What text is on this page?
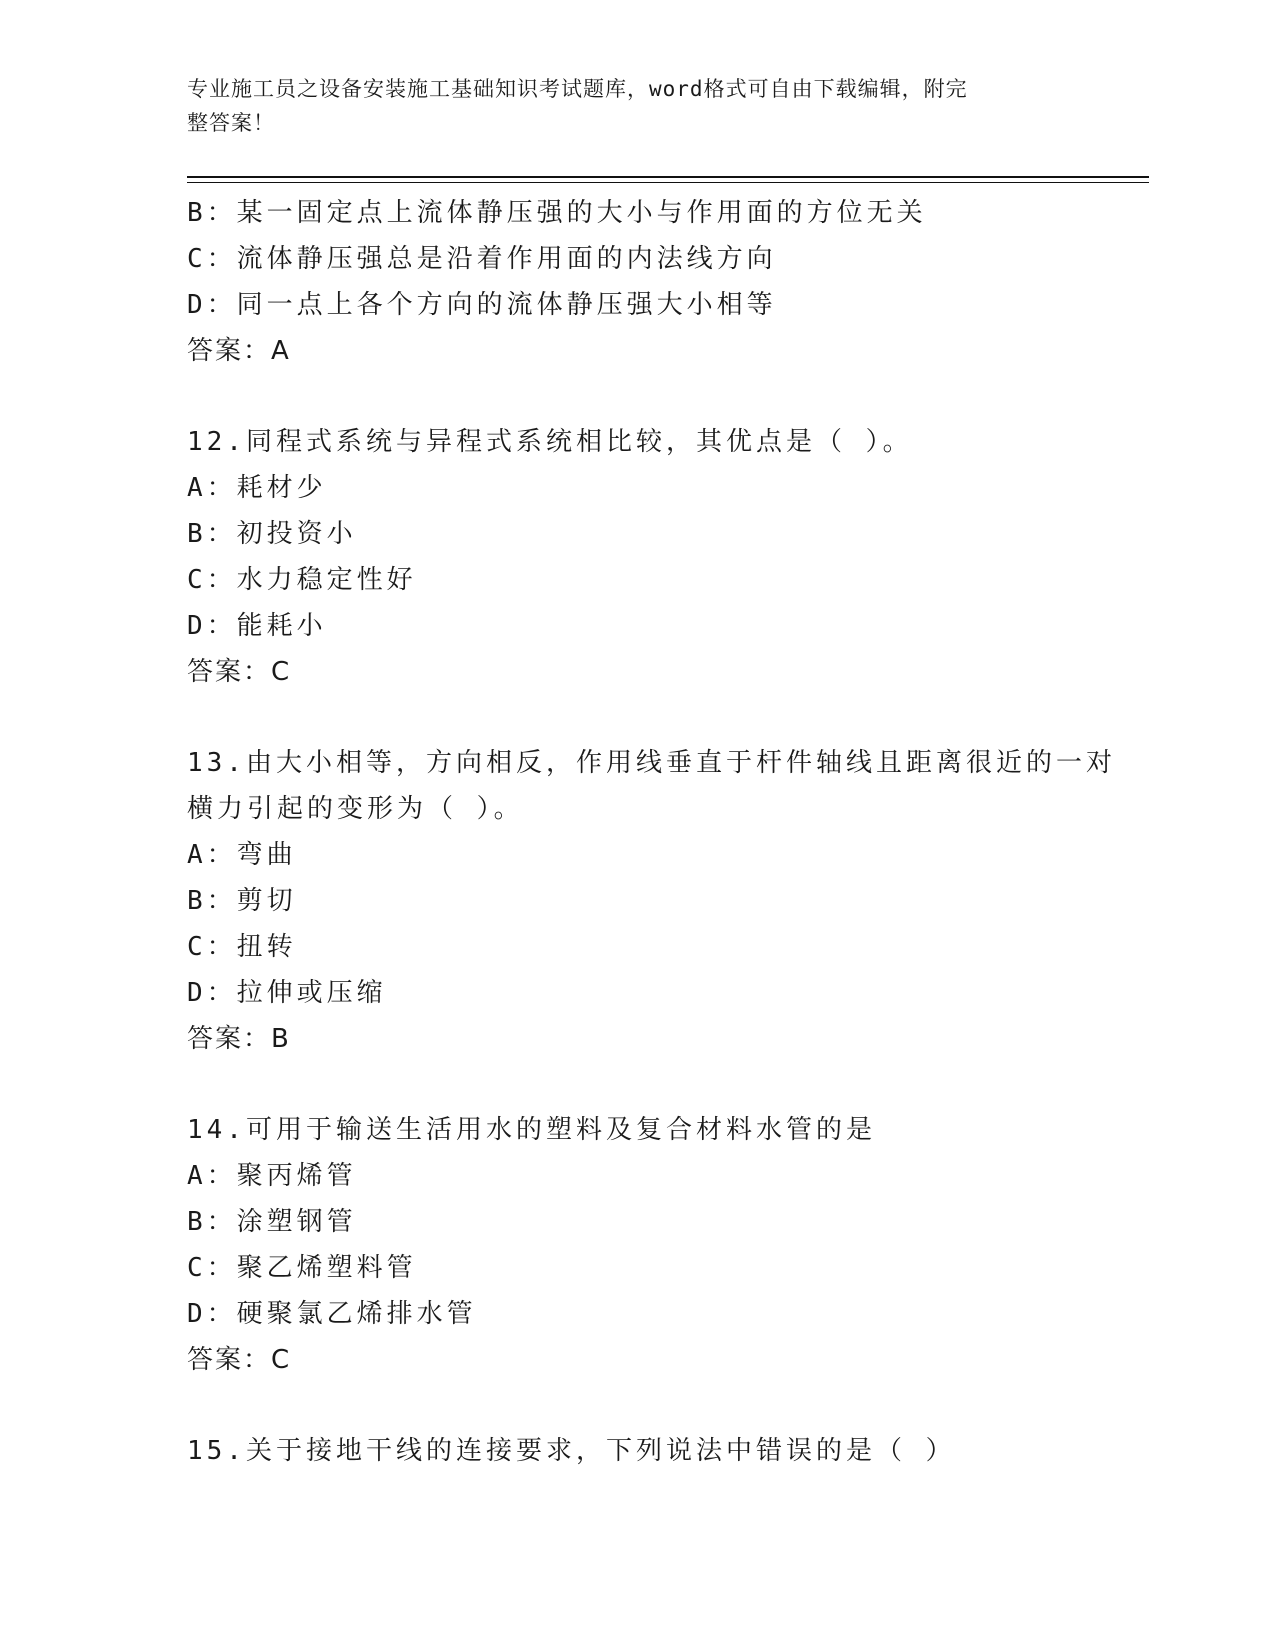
专业施工员之设备安装施工基础知识考试题库，word格式可自由下载编辑，附完
整答案！
B：某一固定点上流体静压强的大小与作用面的方位无关
C：流体静压强总是沿着作用面的内法线方向
D：同一点上各个方向的流体静压强大小相等
答案：A
12.同程式系统与异程式系统相比较，其优点是（ ）。
A：耗材少
B：初投资小
C：水力稳定性好
D：能耗小
答案：C
13.由大小相等，方向相反，作用线垂直于杆件轴线且距离很近的一对
横力引起的变形为（ ）。
A：弯曲
B：剪切
C：扭转
D：拉伸或压缩
答案：B
14.可用于输送生活用水的塑料及复合材料水管的是
A：聚丙烯管
B：涂塑钢管
C：聚乙烯塑料管
D：硬聚氯乙烯排水管
答案：C
15.关于接地干线的连接要求，下列说法中错误的是（ ）
